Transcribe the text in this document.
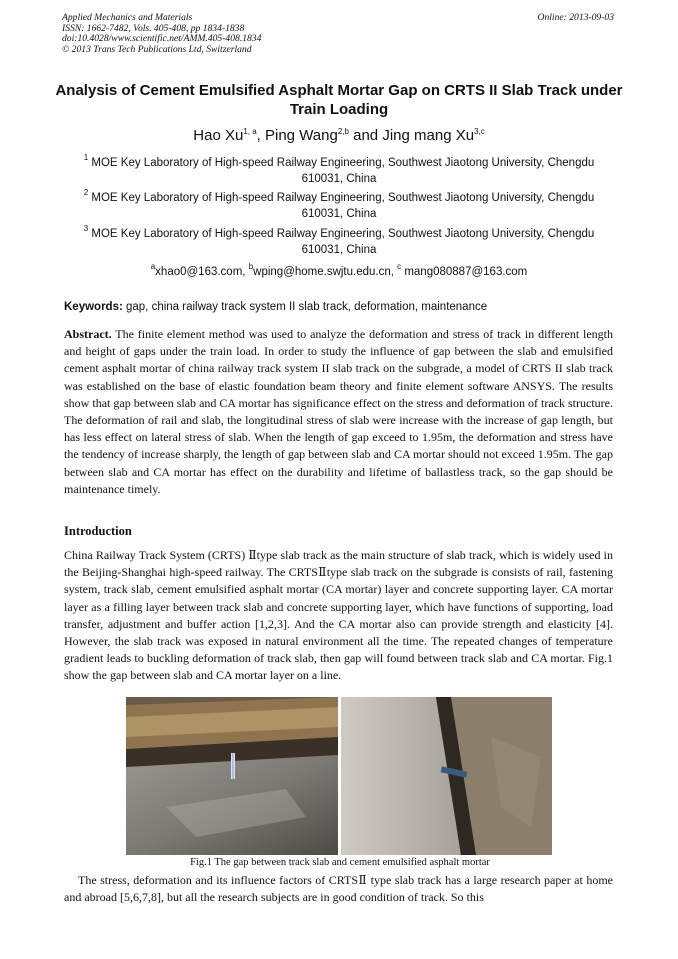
Applied Mechanics and Materials
ISSN: 1662-7482, Vols. 405-408, pp 1834-1838
doi:10.4028/www.scientific.net/AMM.405-408.1834
© 2013 Trans Tech Publications Ltd, Switzerland
Online: 2013-09-03
Analysis of Cement Emulsified Asphalt Mortar Gap on CRTS II Slab Track under Train Loading
Hao Xu$^{1, a}$, Ping Wang$^{2,b}$ and Jing mang Xu$^{3,c}$
$^1$ MOE Key Laboratory of High-speed Railway Engineering, Southwest Jiaotong University, Chengdu 610031, China
$^2$ MOE Key Laboratory of High-speed Railway Engineering, Southwest Jiaotong University, Chengdu 610031, China
$^3$ MOE Key Laboratory of High-speed Railway Engineering, Southwest Jiaotong University, Chengdu 610031, China
$^a$xhao0@163.com, $^b$wping@home.swjtu.edu.cn, $^c$ mang080887@163.com
Keywords: gap, china railway track system II slab track, deformation, maintenance
Abstract. The finite element method was used to analyze the deformation and stress of track in different length and height of gaps under the train load. In order to study the influence of gap between the slab and emulsified cement asphalt mortar of china railway track system II slab track on the subgrade, a model of CRTS II slab track was established on the base of elastic foundation beam theory and finite element software ANSYS. The results show that gap between slab and CA mortar has significance effect on the stress and deformation of track structure. The deformation of rail and slab, the longitudinal stress of slab were increase with the increase of gap length, but has less effect on lateral stress of slab. When the length of gap exceed to 1.95m, the deformation and stress have the tendency of increase sharply, the length of gap between slab and CA mortar should not exceed 1.95m. The gap between slab and CA mortar has effect on the durability and lifetime of ballastless track, so the gap should be maintenance timely.
Introduction
China Railway Track System (CRTS) Ⅱtype slab track as the main structure of slab track, which is widely used in the Beijing-Shanghai high-speed railway. The CRTSⅡtype slab track on the subgrade is consists of rail, fastening system, track slab, cement emulsified asphalt mortar (CA mortar) layer and concrete supporting layer. CA mortar layer as a filling layer between track slab and concrete supporting layer, which have functions of supporting, load transfer, adjustment and buffer action [1,2,3]. And the CA mortar also can provide strength and elasticity [4]. However, the slab track was exposed in natural environment all the time. The repeated changes of temperature gradient leads to buckling deformation of track slab, then gap will found between track slab and CA mortar. Fig.1 show the gap between slab and CA mortar layer on a line.
Fig.1 The gap between track slab and cement emulsified asphalt mortar
The stress, deformation and its influence factors of CRTSⅡ type slab track has a large research paper at home and abroad [5,6,7,8], but all the research subjects are in good condition of track. So this
